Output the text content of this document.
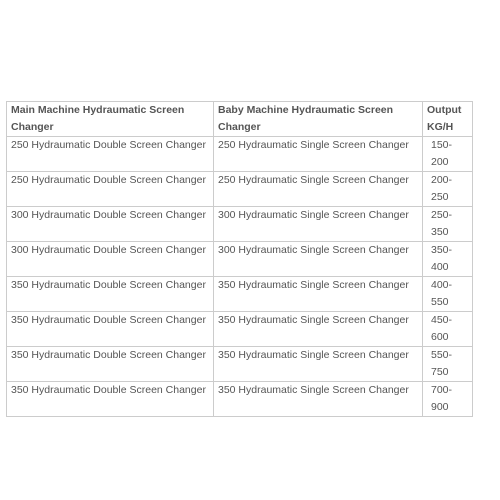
Main Machine Hydraumatic Screen Changer	Baby Machine Hydraumatic Screen Changer	Output KG/H
250 Hydraumatic Double Screen Changer	250 Hydraumatic Single Screen Changer	150-200
250 Hydraumatic Double Screen Changer	250 Hydraumatic Single Screen Changer	200-250
300 Hydraumatic Double Screen Changer	300 Hydraumatic Single Screen Changer	250-350
300 Hydraumatic Double Screen Changer	300 Hydraumatic Single Screen Changer	350-400
350 Hydraumatic Double Screen Changer	350 Hydraumatic Single Screen Changer	400-550
350 Hydraumatic Double Screen Changer	350 Hydraumatic Single Screen Changer	450-600
350 Hydraumatic Double Screen Changer	350 Hydraumatic Single Screen Changer	550-750
350 Hydraumatic Double Screen Changer	350 Hydraumatic Single Screen Changer	700-900
